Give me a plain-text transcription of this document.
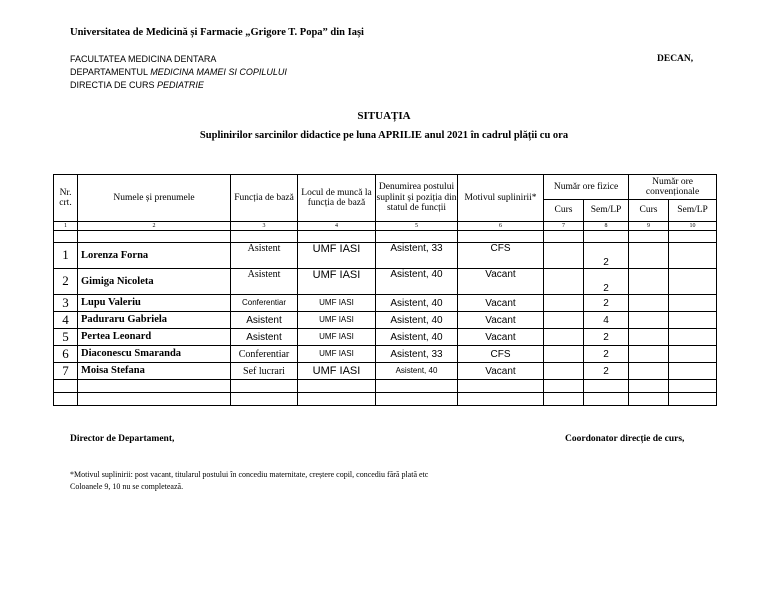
Universitatea de Medicină și Farmacie „Grigore T. Popa” din Iași
FACULTATEA MEDICINA DENTARA
DEPARTAMENTUL MEDICINA MAMEI SI COPILULUI
DIRECTIA DE CURS PEDIATRIE
DECAN,
SITUAȚIA
Suplinirilor sarcinilor didactice pe luna APRILIE anul 2021 în cadrul plății cu ora
Nr. crt.	Numele și prenumele	Funcția de bază	Locul de muncă la funcția de bază	Denumirea postului suplinit și poziția din statul de funcții	Motivul suplinirii*	Număr ore fizice		Număr ore convenționale	
						Curs	Sem/LP	Curs	Sem/LP
1	2	3	4	5	6	7	8	9	10

1	Lorenza Forna	Asistent	UMF IASI	Asistent, 33	CFS		2		
2	Gimiga Nicoleta	Asistent	UMF IASI	Asistent, 40	Vacant		2		
3	Lupu Valeriu	Conferentiar	UMF IASI	Asistent, 40	Vacant		2		
4	Paduraru Gabriela	Asistent	UMF IASI	Asistent, 40	Vacant		4		
5	Pertea Leonard	Asistent	UMF IASI	Asistent, 40	Vacant		2		
6	Diaconescu Smaranda	Conferentiar	UMF IASI	Asistent, 33	CFS		2		
7	Moisa Stefana	Sef lucrari	UMF IASI	Asistent, 40	Vacant		2		

Director de Departament,	Coordonator direcție de curs,
*Motivul suplinirii: post vacant, titularul postului în concediu maternitate, creștere copil, concediu fără plată etc
Coloanele 9, 10 nu se completează.
